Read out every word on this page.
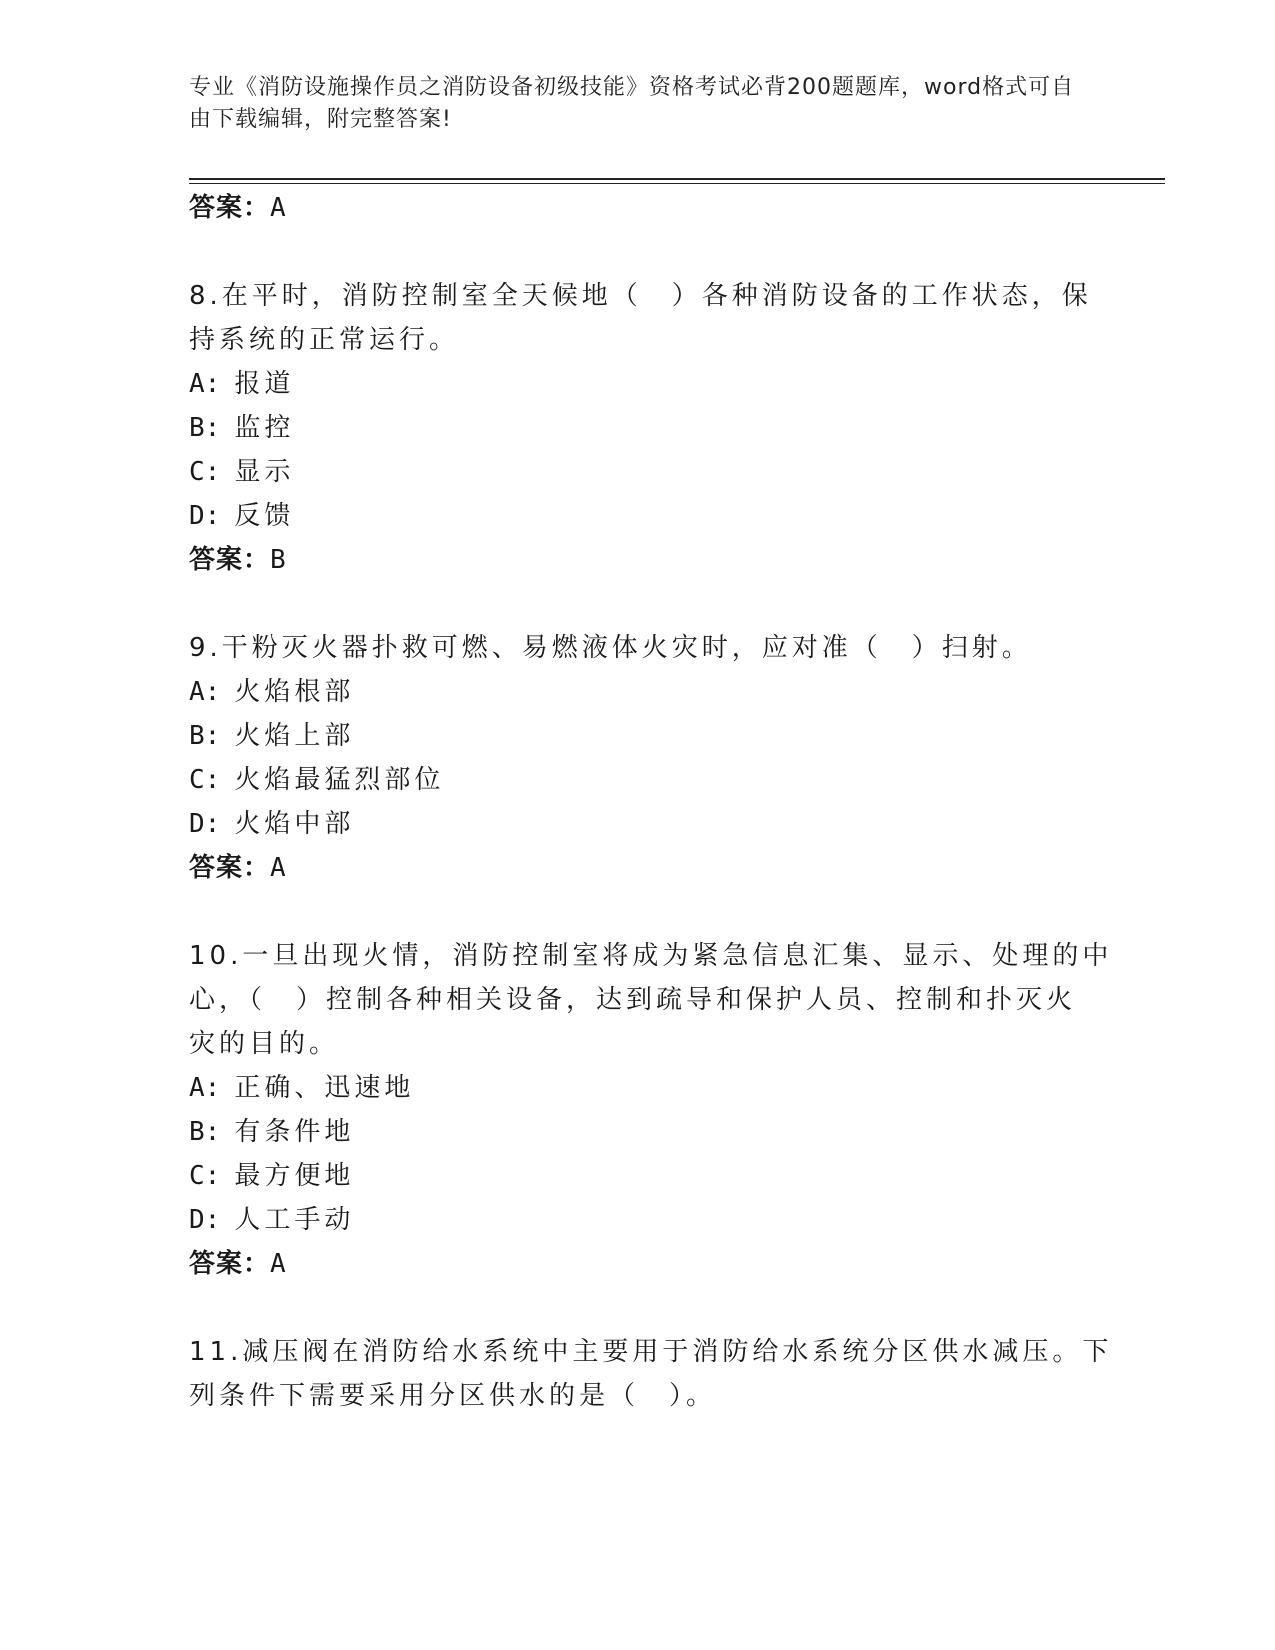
专业《消防设施操作员之消防设备初级技能》资格考试必背200题题库，word格式可自由下载编辑，附完整答案!
答案：A
8.在平时，消防控制室全天候地（　）各种消防设备的工作状态，保
持系统的正常运行。
A: 报道
B: 监控
C: 显示
D: 反馈
答案：B
9.干粉灭火器扑救可燃、易燃液体火灾时，应对准（　）扫射。
A: 火焰根部
B: 火焰上部
C: 火焰最猛烈部位
D: 火焰中部
答案：A
10.一旦出现火情，消防控制室将成为紧急信息汇集、显示、处理的中
心，（　）控制各种相关设备，达到疏导和保护人员、控制和扑灭火
灾的目的。
A: 正确、迅速地
B: 有条件地
C: 最方便地
D: 人工手动
答案：A
11.减压阀在消防给水系统中主要用于消防给水系统分区供水减压。下
列条件下需要采用分区供水的是（　）。
